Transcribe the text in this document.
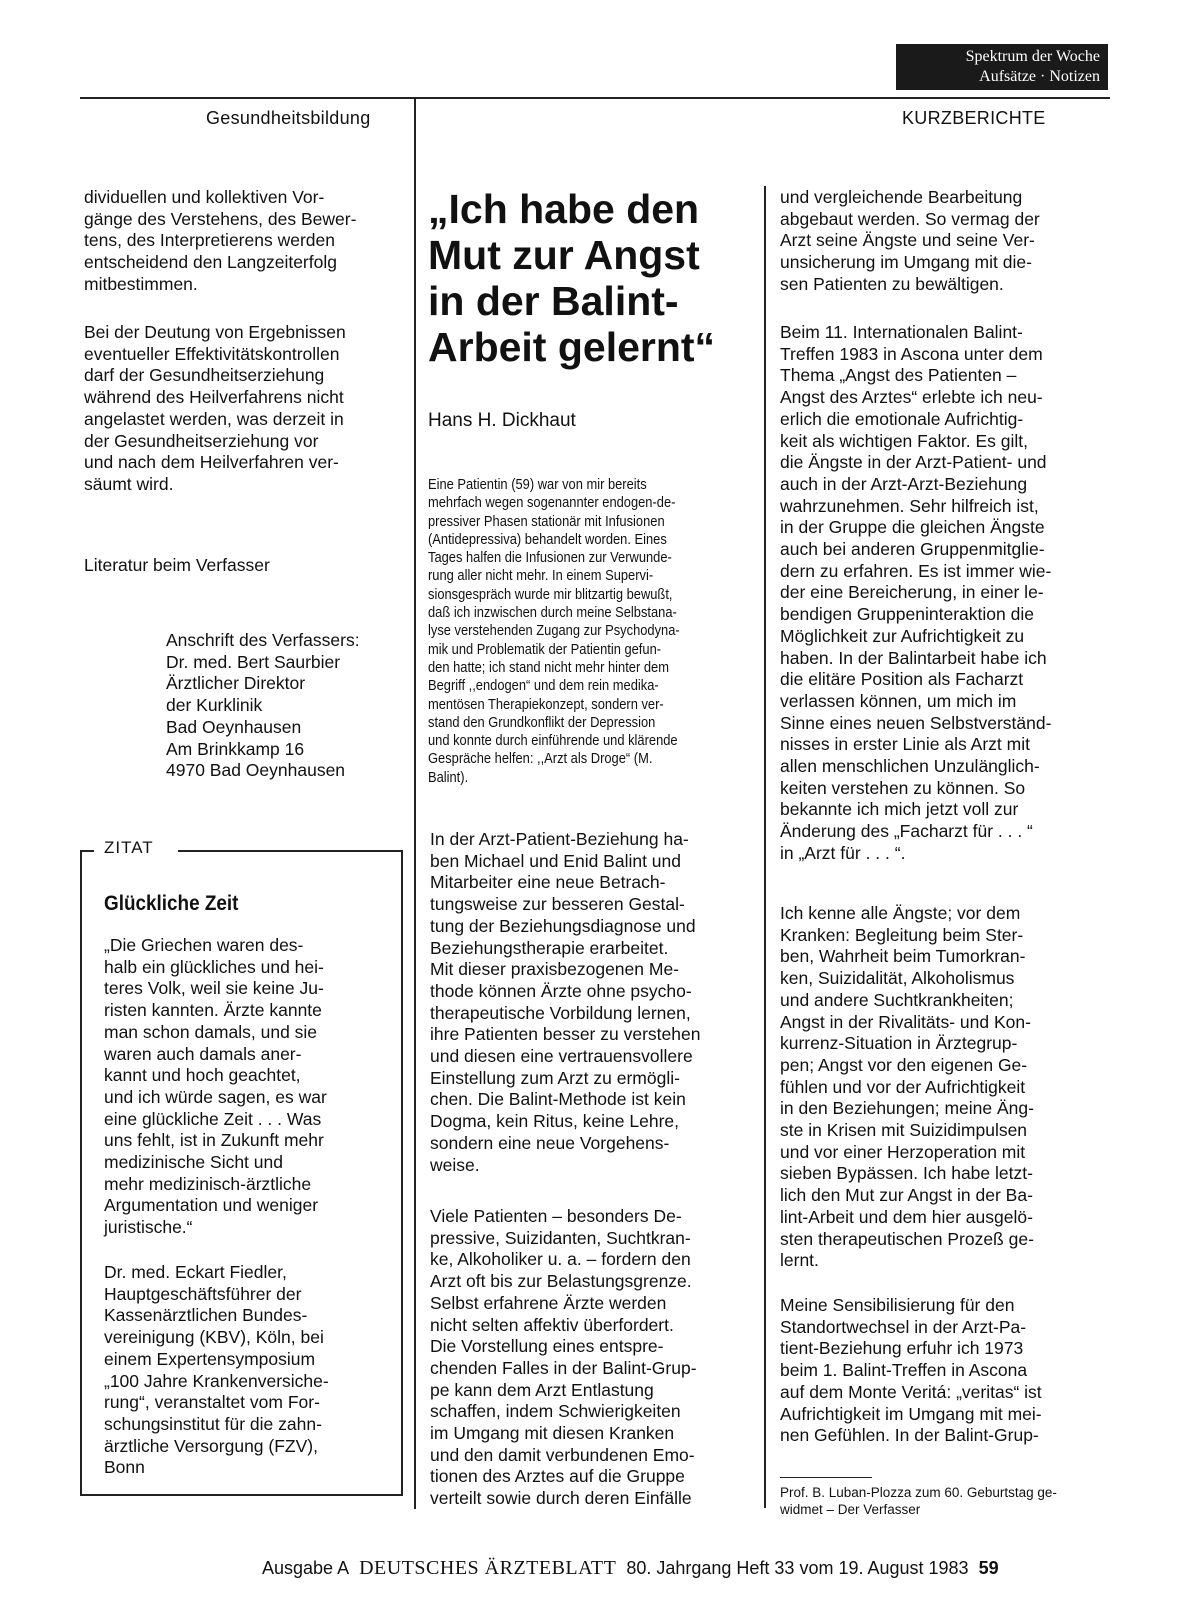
Spektrum der Woche
Aufsätze · Notizen
Gesundheitsbildung	KURZBERICHTE

dividuellen und kollektiven Vor-

gänge des Verstehens, des Bewer-

tens, des Interpretierens werden

entscheidend den Langzeiterfolg

mitbestimmen.

Bei der Deutung von Ergebnissen

eventueller Effektivitätskontrollen

darf der Gesundheitserziehung

während des Heilverfahrens nicht

angelastet werden, was derzeit in

der Gesundheitserziehung vor

und nach dem Heilverfahren ver-

säumt wird.

Literatur beim Verfasser

Anschrift des Verfassers:

Dr. med. Bert Saurbier

Ärztlicher Direktor

der Kurklinik

Bad Oeynhausen

Am Brinkkamp 16

4970 Bad Oeynhausen

ZITAT
Glückliche Zeit

„Die Griechen waren des-

halb ein glückliches und hei-

teres Volk, weil sie keine Ju-

risten kannten. Ärzte kannte

man schon damals, und sie

waren auch damals aner-

kannt und hoch geachtet,

und ich würde sagen, es war

eine glückliche Zeit . . . Was

uns fehlt, ist in Zukunft mehr

medizinische Sicht und

mehr medizinisch-ärztliche

Argumentation und weniger

juristische.“

Dr. med. Eckart Fiedler,

Hauptgeschäftsführer der

Kassenärztlichen Bundes-

vereinigung (KBV), Köln, bei

einem Expertensymposium

„100 Jahre Krankenversiche-

rung“, veranstaltet vom For-

schungsinstitut für die zahn-

ärztliche Versorgung (FZV),

Bonn

„Ich habe den
Mut zur Angst
in der Balint-
Arbeit gelernt“
Hans H. Dickhaut
Eine Patientin (59) war von mir bereits
mehrfach wegen sogenannter endogen-de-
pressiver Phasen stationär mit Infusionen
(Antidepressiva) behandelt worden. Eines
Tages halfen die Infusionen zur Verwunde-
rung aller nicht mehr. In einem Supervi-
sionsgespräch wurde mir blitzartig bewußt,
daß ich inzwischen durch meine Selbstana-
lyse verstehenden Zugang zur Psychodyna-
mik und Problematik der Patientin gefun-
den hatte; ich stand nicht mehr hinter dem
Begriff ,,endogen“ und dem rein medika-
mentösen Therapiekonzept, sondern ver-
stand den Grundkonflikt der Depression
und konnte durch einführende und klärende
Gespräche helfen: ,,Arzt als Droge“ (M.
Balint).

In der Arzt-Patient-Beziehung ha-

ben Michael und Enid Balint und

Mitarbeiter eine neue Betrach-

tungsweise zur besseren Gestal-

tung der Beziehungsdiagnose und

Beziehungstherapie erarbeitet.

Mit dieser praxisbezogenen Me-

thode können Ärzte ohne psycho-

therapeutische Vorbildung lernen,

ihre Patienten besser zu verstehen

und diesen eine vertrauensvollere

Einstellung zum Arzt zu ermögli-

chen. Die Balint-Methode ist kein

Dogma, kein Ritus, keine Lehre,

sondern eine neue Vorgehens-

weise.

Viele Patienten – besonders De-

pressive, Suizidanten, Suchtkran-

ke, Alkoholiker u. a. – fordern den

Arzt oft bis zur Belastungsgrenze.

Selbst erfahrene Ärzte werden

nicht selten affektiv überfordert.

Die Vorstellung eines entspre-

chenden Falles in der Balint-Grup-

pe kann dem Arzt Entlastung

schaffen, indem Schwierigkeiten

im Umgang mit diesen Kranken

und den damit verbundenen Emo-

tionen des Arztes auf die Gruppe

verteilt sowie durch deren Einfälle

und vergleichende Bearbeitung

abgebaut werden. So vermag der

Arzt seine Ängste und seine Ver-

unsicherung im Umgang mit die-

sen Patienten zu bewältigen.

Beim 11. Internationalen Balint-

Treffen 1983 in Ascona unter dem

Thema „Angst des Patienten –

Angst des Arztes“ erlebte ich neu-

erlich die emotionale Aufrichtig-

keit als wichtigen Faktor. Es gilt,

die Ängste in der Arzt-Patient- und

auch in der Arzt-Arzt-Beziehung

wahrzunehmen. Sehr hilfreich ist,

in der Gruppe die gleichen Ängste

auch bei anderen Gruppenmitglie-

dern zu erfahren. Es ist immer wie-

der eine Bereicherung, in einer le-

bendigen Gruppeninteraktion die

Möglichkeit zur Aufrichtigkeit zu

haben. In der Balintarbeit habe ich

die elitäre Position als Facharzt

verlassen können, um mich im

Sinne eines neuen Selbstverständ-

nisses in erster Linie als Arzt mit

allen menschlichen Unzulänglich-

keiten verstehen zu können. So

bekannte ich mich jetzt voll zur

Änderung des „Facharzt für . . . “

in „Arzt für . . . “.

Ich kenne alle Ängste; vor dem

Kranken: Begleitung beim Ster-

ben, Wahrheit beim Tumorkran-

ken, Suizidalität, Alkoholismus

und andere Suchtkrankheiten;

Angst in der Rivalitäts- und Kon-

kurrenz-Situation in Ärztegrup-

pen; Angst vor den eigenen Ge-

fühlen und vor der Aufrichtigkeit

in den Beziehungen; meine Äng-

ste in Krisen mit Suizidimpulsen

und vor einer Herzoperation mit

sieben Bypässen. Ich habe letzt-

lich den Mut zur Angst in der Ba-

lint-Arbeit und dem hier ausgelö-

sten therapeutischen Prozeß ge-

lernt.

Meine Sensibilisierung für den

Standortwechsel in der Arzt-Pa-

tient-Beziehung erfuhr ich 1973

beim 1. Balint-Treffen in Ascona

auf dem Monte Veritá: „veritas“ ist

Aufrichtigkeit im Umgang mit mei-

nen Gefühlen. In der Balint-Grup-

Prof. B. Luban-Plozza zum 60. Geburtstag ge-
widmet – Der Verfasser
Ausgabe A DEUTSCHES ÄRZTEBLATT 80. Jahrgang Heft 33 vom 19. August 1983 59
